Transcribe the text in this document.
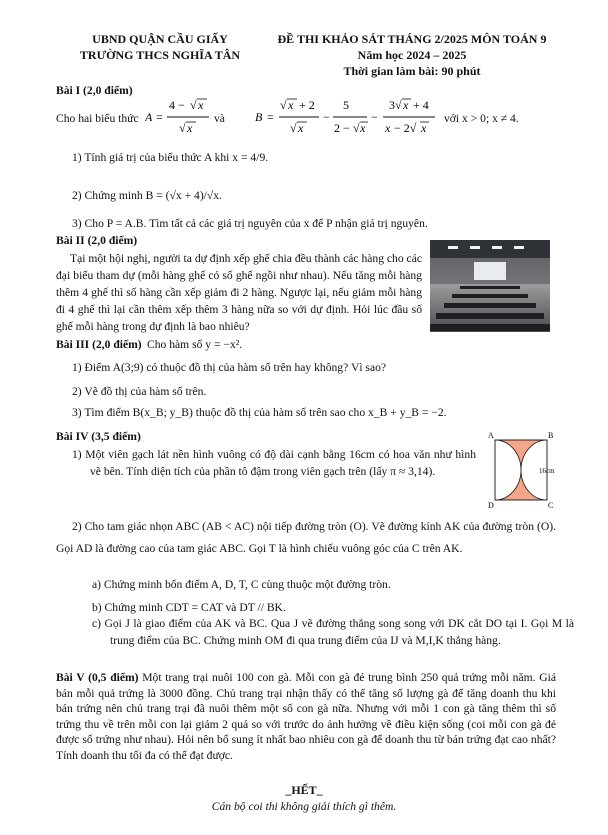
UBND QUẬN CẦU GIẤY
TRƯỜNG THCS NGHĨA TÂN
ĐỀ THI KHẢO SÁT THÁNG 2/2025 MÔN TOÁN 9
Năm học 2024 – 2025
Thời gian làm bài: 90 phút
Bài I (2,0 điểm)
Cho hai biểu thức A =
4 − √ x
√ x
B =
√ x + 2
√ x
−
5
2 − √ x
−
3√ x + 4
x − 2√ x
và	với x > 0; x ≠ 4.
1) Tính giá trị của biểu thức A khi x = 4/9.
2) Chứng minh B = (√x + 4)/√x.
3) Cho P = A.B. Tìm tất cả các giá trị nguyên của x để P nhận giá trị nguyên.
Bài II (2,0 điểm)
Tại một hội nghị, người ta dự định xếp ghế chia đều thành các hàng cho các đại biểu tham dự (mỗi hàng ghế có số ghế ngồi như nhau). Nếu tăng mỗi hàng thêm 4 ghế thì số hàng cần xếp giảm đi 2 hàng. Ngược lại, nếu giảm mỗi hàng đi 4 ghế thì lại cần thêm xếp thêm 3 hàng nữa so với dự định. Hỏi lúc đầu số ghế mỗi hàng trong dự định là bao nhiêu?
Bài III (2,0 điểm) Cho hàm số y = −x².
1) Điểm A(3;9) có thuộc đồ thị của hàm số trên hay không? Vì sao?
2) Vẽ đồ thị của hàm số trên.
3) Tìm điểm B(x_B; y_B) thuộc đồ thị của hàm số trên sao cho x_B + y_B = −2.
Bài IV (3,5 điểm)
1) Một viên gạch lát nền hình vuông có độ dài cạnh bằng 16cm có hoa văn như hình vẽ bên. Tính diện tích của phần tô đậm trong viên gạch trên (lấy π ≈ 3,14).
A	B
D	C
16cm
2) Cho tam giác nhọn ABC (AB < AC) nội tiếp đường tròn (O). Vẽ đường kính AK của đường tròn (O). Gọi AD là đường cao của tam giác ABC. Gọi T là hình chiếu vuông góc của C trên AK.
a) Chứng minh bốn điểm A, D, T, C cùng thuộc một đường tròn.
b) Chứng minh CDT = CAT và DT // BK.
c) Gọi J là giao điểm của AK và BC. Qua J vẽ đường thẳng song song với DK cắt DO tại I. Gọi M là trung điểm của BC. Chứng minh OM đi qua trung điểm của IJ và M,I,K thẳng hàng.
Bài V (0,5 điểm) Một trang trại nuôi 100 con gà. Mỗi con gà đẻ trung bình 250 quả trứng mỗi năm. Giá bán mỗi quả trứng là 3000 đồng. Chủ trang trại nhận thấy có thể tăng số lượng gà để tăng doanh thu khi bán trứng nên chủ trang trại đã nuôi thêm một số con gà nữa. Nhưng với mỗi 1 con gà tăng thêm thì số trứng thu về trên mỗi con lại giảm 2 quả so với trước do ảnh hưởng về điều kiện sống (coi mỗi con gà đẻ được số trứng như nhau). Hỏi nên bổ sung ít nhất bao nhiêu con gà để doanh thu từ bán trứng đạt cao nhất? Tính doanh thu tối đa có thể đạt được.
_HẾT_
Cán bộ coi thi không giải thích gì thêm.
